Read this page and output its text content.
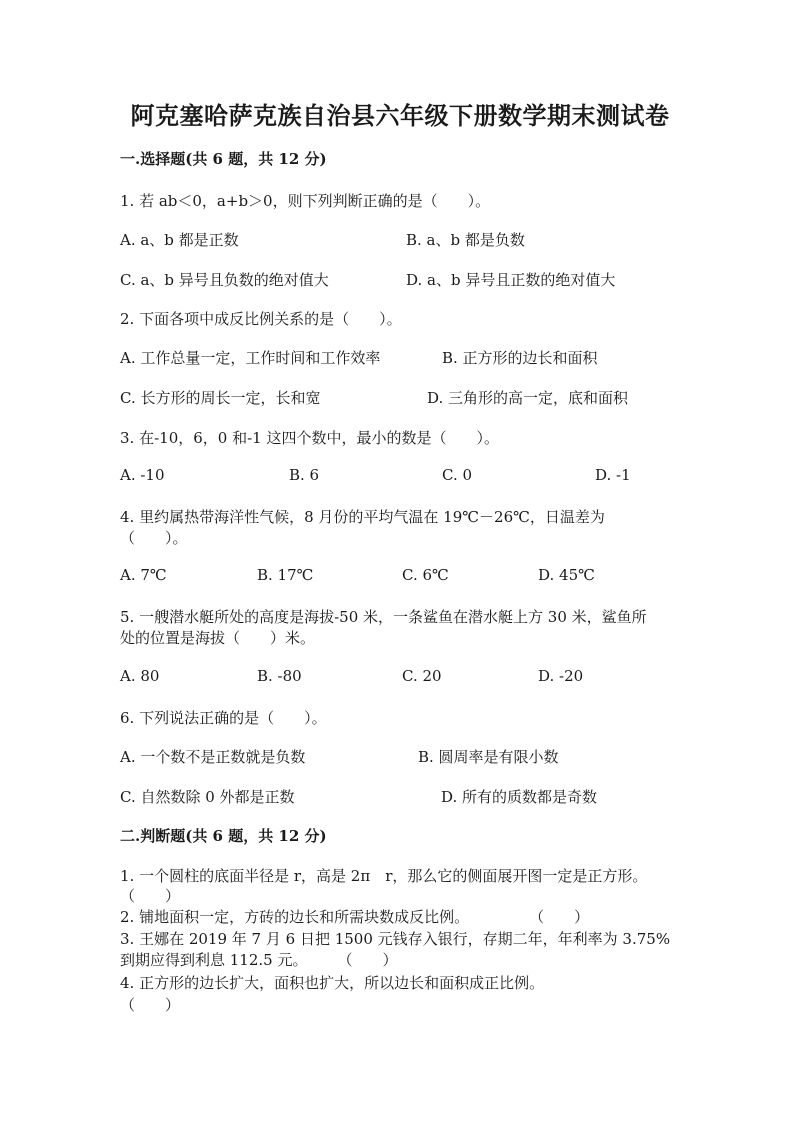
阿克塞哈萨克族自治县六年级下册数学期末测试卷
一.选择题(共 6 题，共 12 分)
1. 若 ab＜0，a+b＞0，则下列判断正确的是（　　）。
A. a、b 都是正数	B. a、b 都是负数
C. a、b 异号且负数的绝对值大	D. a、b 异号且正数的绝对值大
2. 下面各项中成反比例关系的是（　　）。
A. 工作总量一定，工作时间和工作效率	B. 正方形的边长和面积
C. 长方形的周长一定，长和宽	D. 三角形的高一定，底和面积
3. 在-10，6，0 和-1 这四个数中，最小的数是（　　）。
A. -10	B. 6	C. 0	D. -1
4. 里约属热带海洋性气候，8 月份的平均气温在 19℃－26℃，日温差为
（　　）。
A. 7℃	B. 17℃	C. 6℃	D. 45℃
5. 一艘潜水艇所处的高度是海拔-50 米，一条鲨鱼在潜水艇上方 30 米，鲨鱼所
处的位置是海拔（　　）米。
A. 80	B. -80	C. 20	D. -20
6. 下列说法正确的是（　　）。
A. 一个数不是正数就是负数	B. 圆周率是有限小数
C. 自然数除 0 外都是正数	D. 所有的质数都是奇数
二.判断题(共 6 题，共 12 分)
1. 一个圆柱的底面半径是 r，高是 2π　r，那么它的侧面展开图一定是正方形。
（　　）
2. 铺地面积一定，方砖的边长和所需块数成反比例。　　　　　（　　）
3. 王娜在 2019 年 7 月 6 日把 1500 元钱存入银行，存期二年，年利率为 3.75%
到期应得到利息 112.5 元。　　　（　　）
4. 正方形的边长扩大，面积也扩大，所以边长和面积成正比例。
（　　）
